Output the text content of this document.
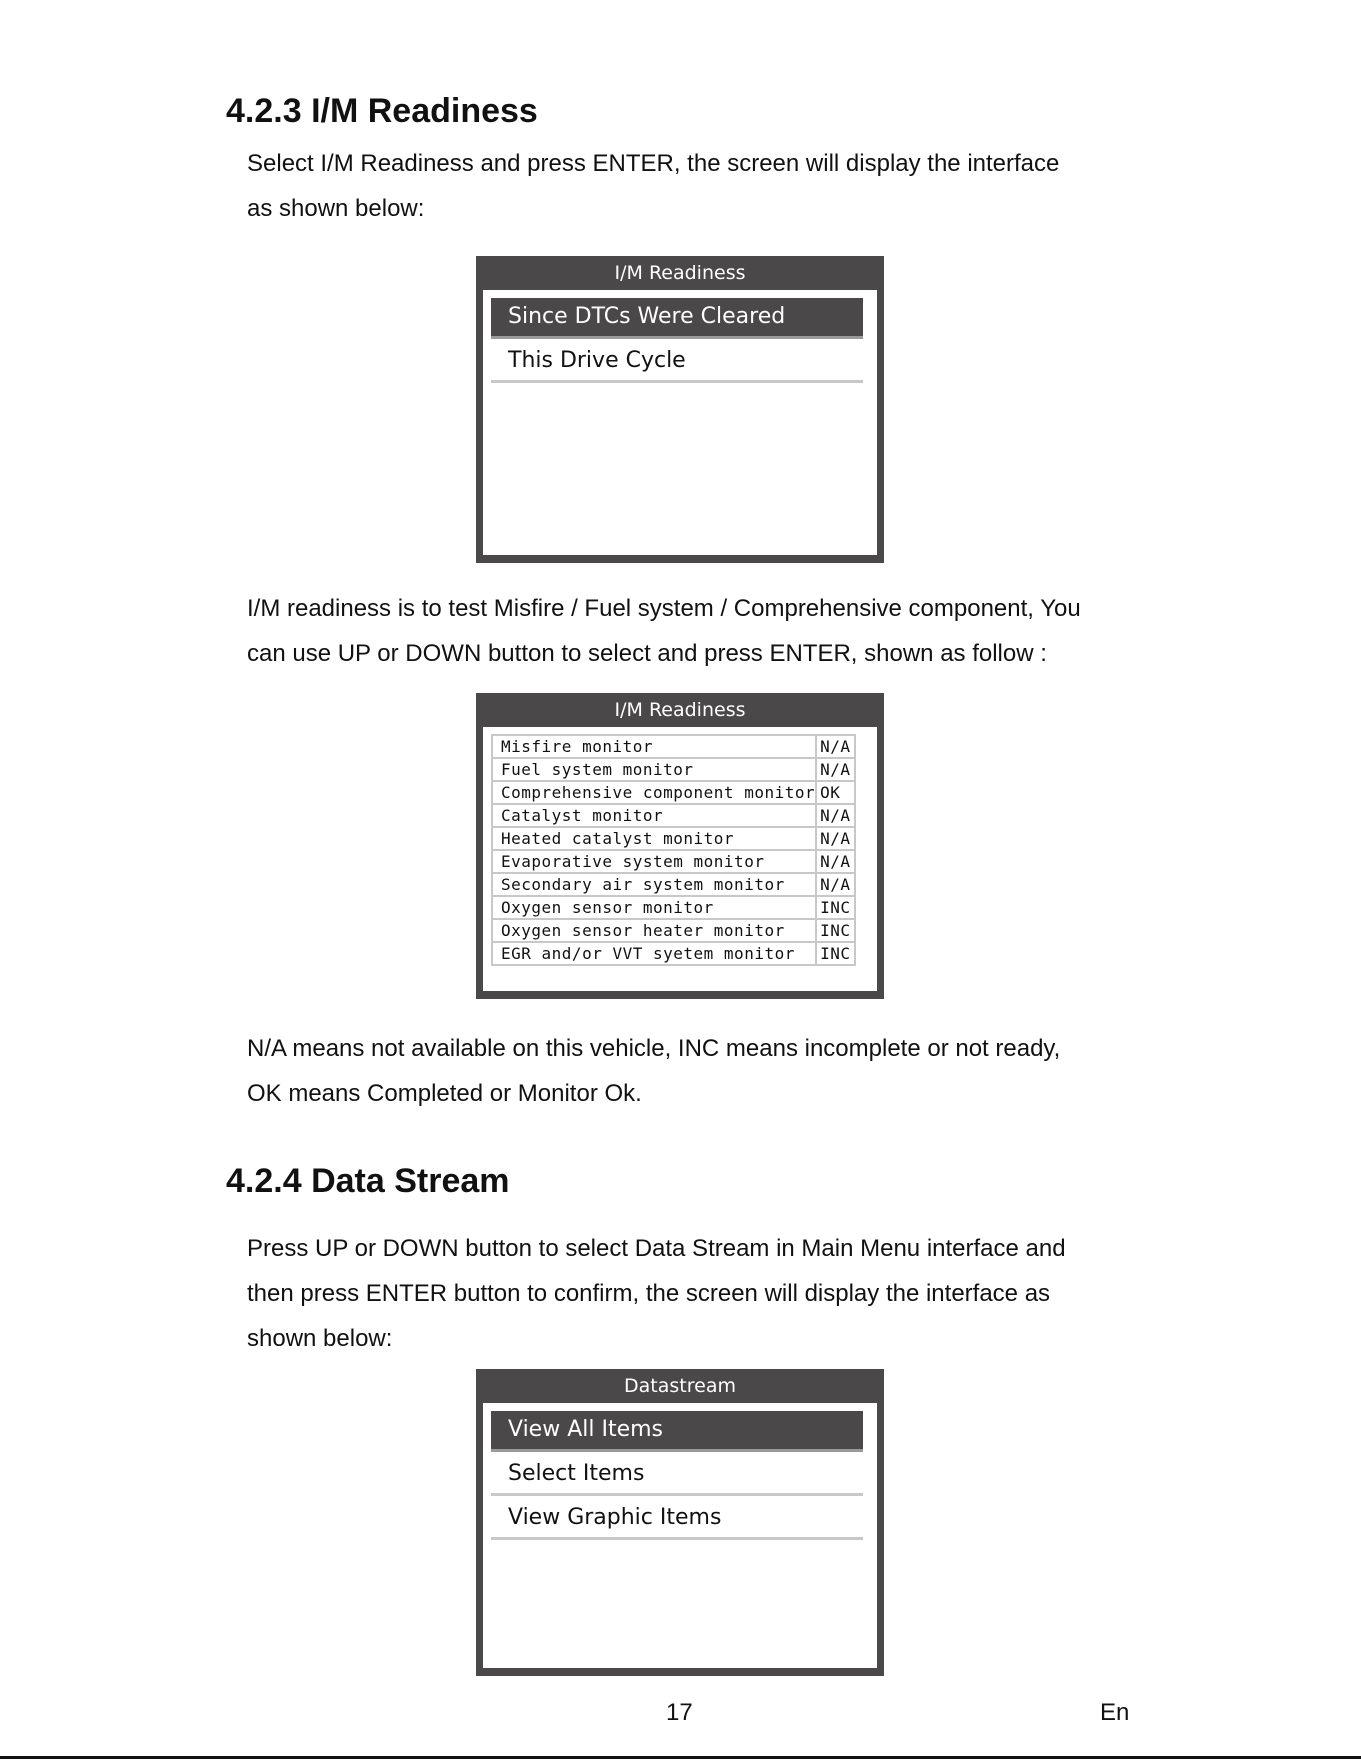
4.2.3 I/M Readiness

Select I/M Readiness and press ENTER, the screen will display the interface
as shown below:

I/M Readiness
Since DTCs Were Cleared
This Drive Cycle

I/M readiness is to test Misfire / Fuel system / Comprehensive component, You
can use UP or DOWN button to select and press ENTER, shown as follow :

I/M Readiness
Misfire monitor	N/A
Fuel system monitor	N/A
Comprehensive component monitor	OK
Catalyst monitor	N/A
Heated catalyst monitor	N/A
Evaporative system monitor	N/A
Secondary air system monitor	N/A
Oxygen sensor monitor	INC
Oxygen sensor heater monitor	INC
EGR and/or VVT syetem monitor	INC

N/A means not available on this vehicle, INC means incomplete or not ready,
OK means Completed or Monitor Ok.

4.2.4 Data Stream

Press UP or DOWN button to select Data Stream in Main Menu interface and
then press ENTER button to confirm, the screen will display the interface as
shown below:

Datastream
View All Items
Select Items
View Graphic Items
17	En
